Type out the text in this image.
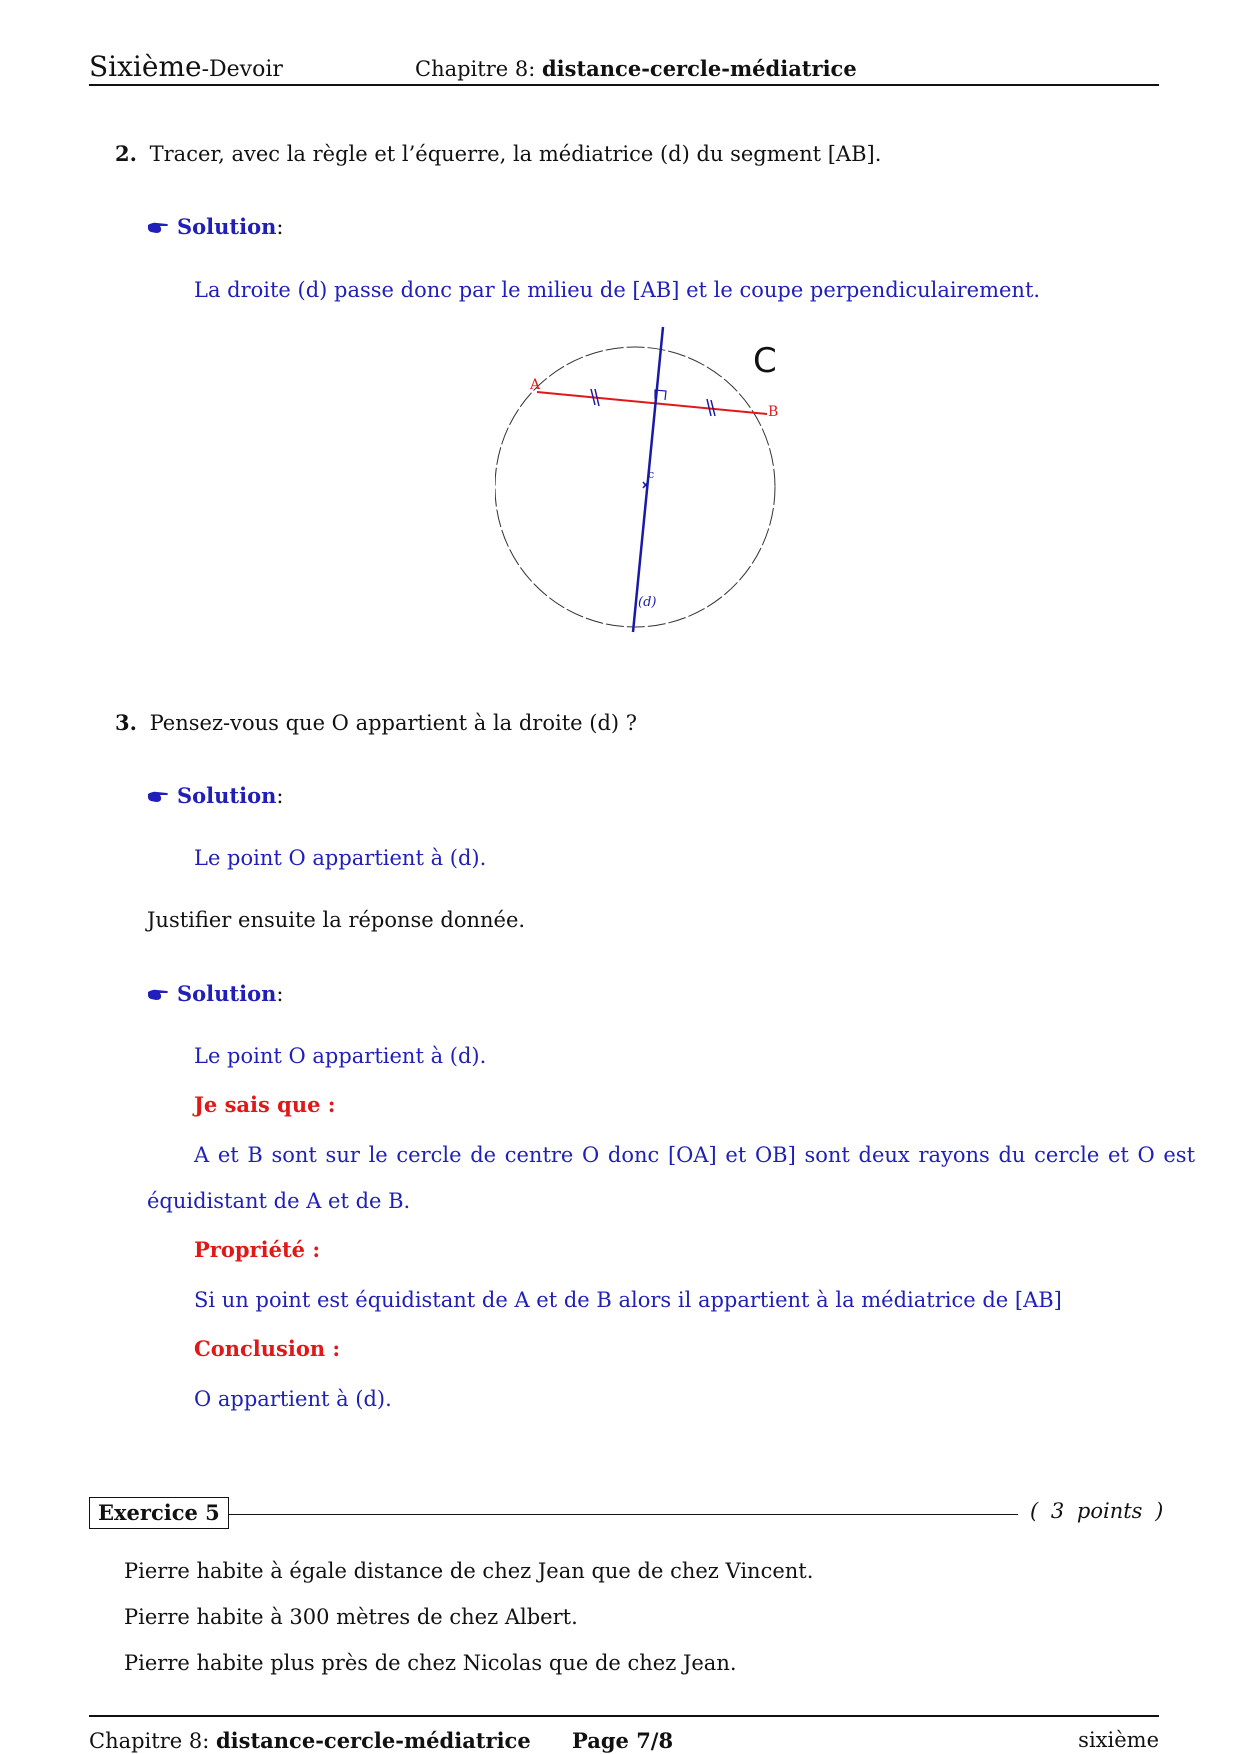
Sixième-Devoir	Chapitre 8: distance-cercle-médiatrice
2. Tracer, avec la règle et l’équerre, la médiatrice (d) du segment [AB].
Solution:
La droite (d) passe donc par le milieu de [AB] et le coupe perpendiculairement.
A
B
c
(d)
C
3. Pensez-vous que O appartient à la droite (d) ?
Solution:
Le point O appartient à (d).
Justifier ensuite la réponse donnée.
Solution:
Le point O appartient à (d).
Je sais que :
A et B sont sur le cercle de centre O donc [OA] et OB] sont deux rayons du cercle et O est
équidistant de A et de B.
Propriété :
Si un point est équidistant de A et de B alors il appartient à la médiatrice de [AB]
Conclusion :
O appartient à (d).
Exercice 5	( 3 points )
Pierre habite à égale distance de chez Jean que de chez Vincent.
Pierre habite à 300 mètres de chez Albert.
Pierre habite plus près de chez Nicolas que de chez Jean.
Chapitre 8: distance-cercle-médiatrice Page 7/8	sixième
